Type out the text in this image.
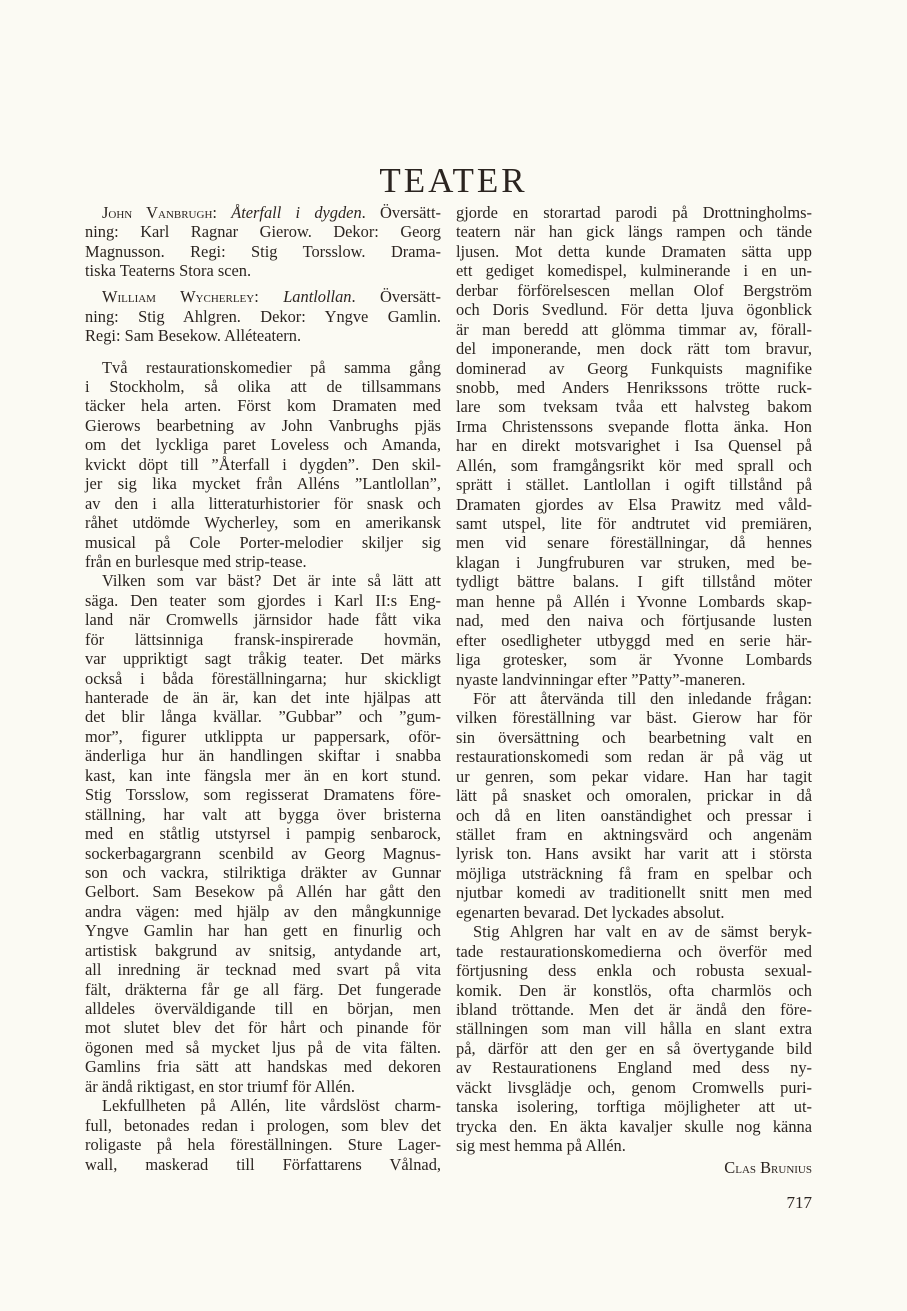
TEATER
John Vanbrugh: Återfall i dygden. Översätt-
ning: Karl Ragnar Gierow. Dekor: Georg
Magnusson. Regi: Stig Torsslow. Drama-
tiska Teaterns Stora scen.
William Wycherley: Lantlollan. Översätt-
ning: Stig Ahlgren. Dekor: Yngve Gamlin.
Regi: Sam Besekow. Alléteatern.
Två restaurationskomedier på samma gång
i Stockholm, så olika att de tillsammans
täcker hela arten. Först kom Dramaten med
Gierows bearbetning av John Vanbrughs pjäs
om det lyckliga paret Loveless och Amanda,
kvickt döpt till ”Återfall i dygden”. Den skil-
jer sig lika mycket från Alléns ”Lantlollan”,
av den i alla litteraturhistorier för snask och
råhet utdömde Wycherley, som en amerikansk
musical på Cole Porter-melodier skiljer sig
från en burlesque med strip-tease.
Vilken som var bäst? Det är inte så lätt att
säga. Den teater som gjordes i Karl II:s Eng-
land när Cromwells järnsidor hade fått vika
för lättsinniga fransk-inspirerade hovmän,
var uppriktigt sagt tråkig teater. Det märks
också i båda föreställningarna; hur skickligt
hanterade de än är, kan det inte hjälpas att
det blir långa kvällar. ”Gubbar” och ”gum-
mor”, figurer utklippta ur pappersark, oför-
änderliga hur än handlingen skiftar i snabba
kast, kan inte fängsla mer än en kort stund.
Stig Torsslow, som regisserat Dramatens före-
ställning, har valt att bygga över bristerna
med en ståtlig utstyrsel i pampig senbarock,
sockerbagargrann scenbild av Georg Magnus-
son och vackra, stilriktiga dräkter av Gunnar
Gelbort. Sam Besekow på Allén har gått den
andra vägen: med hjälp av den mångkunnige
Yngve Gamlin har han gett en finurlig och
artistisk bakgrund av snitsig, antydande art,
all inredning är tecknad med svart på vita
fält, dräkterna får ge all färg. Det fungerade
alldeles överväldigande till en början, men
mot slutet blev det för hårt och pinande för
ögonen med så mycket ljus på de vita fälten.
Gamlins fria sätt att handskas med dekoren
är ändå riktigast, en stor triumf för Allén.
Lekfullheten på Allén, lite vårdslöst charm-
full, betonades redan i prologen, som blev det
roligaste på hela föreställningen. Sture Lager-
wall, maskerad till Författarens Vålnad,
gjorde en storartad parodi på Drottningholms-
teatern när han gick längs rampen och tände
ljusen. Mot detta kunde Dramaten sätta upp
ett gediget komedispel, kulminerande i en un-
derbar förförelsescen mellan Olof Bergström
och Doris Svedlund. För detta ljuva ögonblick
är man beredd att glömma timmar av, förall-
del imponerande, men dock rätt tom bravur,
dominerad av Georg Funkquists magnifike
snobb, med Anders Henrikssons trötte ruck-
lare som tveksam tvåa ett halvsteg bakom
Irma Christenssons svepande flotta änka. Hon
har en direkt motsvarighet i Isa Quensel på
Allén, som framgångsrikt kör med sprall och
sprätt i stället. Lantlollan i ogift tillstånd på
Dramaten gjordes av Elsa Prawitz med våld-
samt utspel, lite för andtrutet vid premiären,
men vid senare föreställningar, då hennes
klagan i Jungfruburen var struken, med be-
tydligt bättre balans. I gift tillstånd möter
man henne på Allén i Yvonne Lombards skap-
nad, med den naiva och förtjusande lusten
efter osedligheter utbyggd med en serie här-
liga grotesker, som är Yvonne Lombards
nyaste landvinningar efter ”Patty”-maneren.
För att återvända till den inledande frågan:
vilken föreställning var bäst. Gierow har för
sin översättning och bearbetning valt en
restaurationskomedi som redan är på väg ut
ur genren, som pekar vidare. Han har tagit
lätt på snasket och omoralen, prickar in då
och då en liten oanständighet och pressar i
stället fram en aktningsvärd och angenäm
lyrisk ton. Hans avsikt har varit att i största
möjliga utsträckning få fram en spelbar och
njutbar komedi av traditionellt snitt men med
egenarten bevarad. Det lyckades absolut.
Stig Ahlgren har valt en av de sämst beryk-
tade restaurationskomedierna och överför med
förtjusning dess enkla och robusta sexual-
komik. Den är konstlös, ofta charmlös och
ibland tröttande. Men det är ändå den före-
ställningen som man vill hålla en slant extra
på, därför att den ger en så övertygande bild
av Restaurationens England med dess ny-
väckt livsglädje och, genom Cromwells puri-
tanska isolering, torftiga möjligheter att ut-
trycka den. En äkta kavaljer skulle nog känna
sig mest hemma på Allén.
Clas Brunius
717
